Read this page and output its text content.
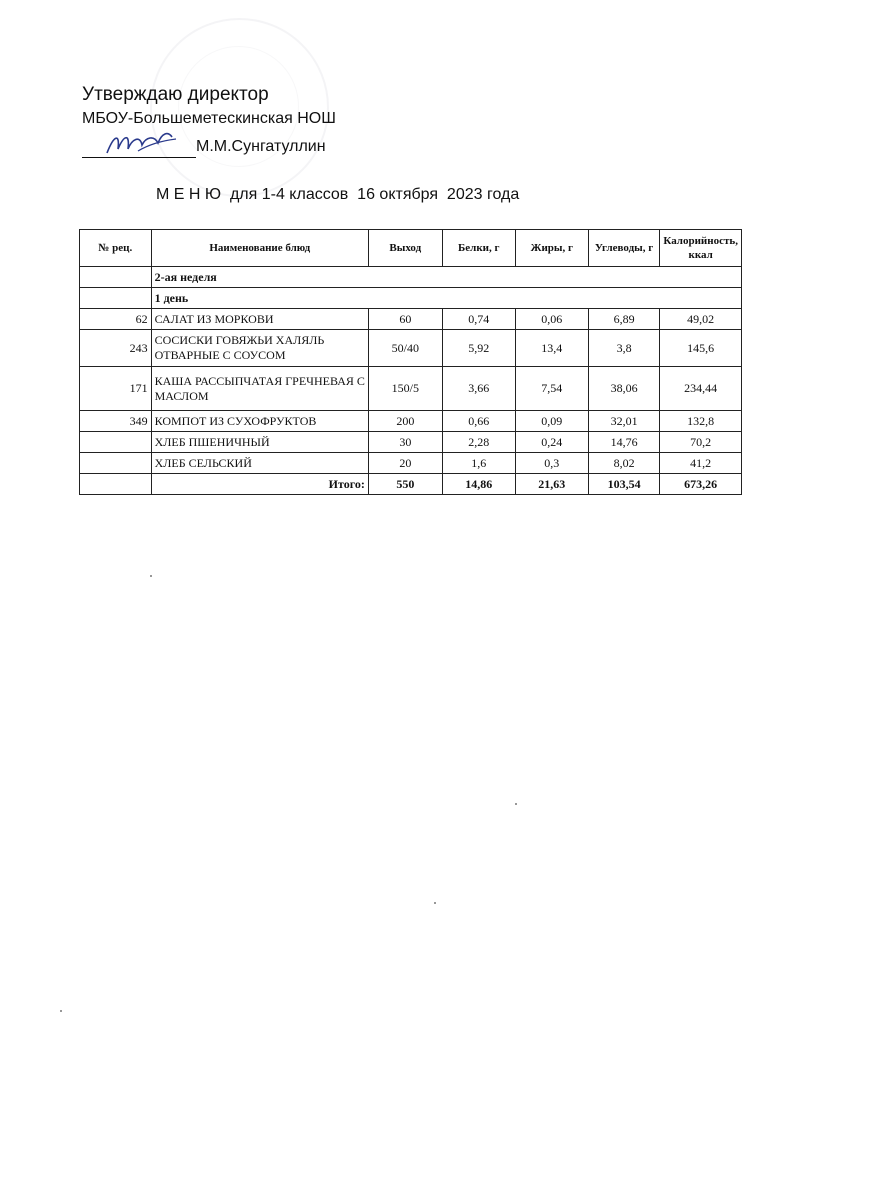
Утверждаю директор
МБОУ-Большеметескинская НОШ
М.М.Сунгатуллин
М Е Н Ю  для 1-4 классов  16 октября  2023 года
№ рец.	Наименование блюд	Выход	Белки, г	Жиры, г	Углеводы, г	Калорийность, ккал
	2-ая неделя					
	1 день					
62	САЛАТ ИЗ МОРКОВИ	60	0,74	0,06	6,89	49,02
243	СОСИСКИ ГОВЯЖЬИ ХАЛЯЛЬ ОТВАРНЫЕ С СОУСОМ	50/40	5,92	13,4	3,8	145,6
171	КАША РАССЫПЧАТАЯ ГРЕЧНЕВАЯ С МАСЛОМ	150/5	3,66	7,54	38,06	234,44
349	КОМПОТ ИЗ СУХОФРУКТОВ	200	0,66	0,09	32,01	132,8
	ХЛЕБ ПШЕНИЧНЫЙ	30	2,28	0,24	14,76	70,2
	ХЛЕБ СЕЛЬСКИЙ	20	1,6	0,3	8,02	41,2
	Итого:	550	14,86	21,63	103,54	673,26
